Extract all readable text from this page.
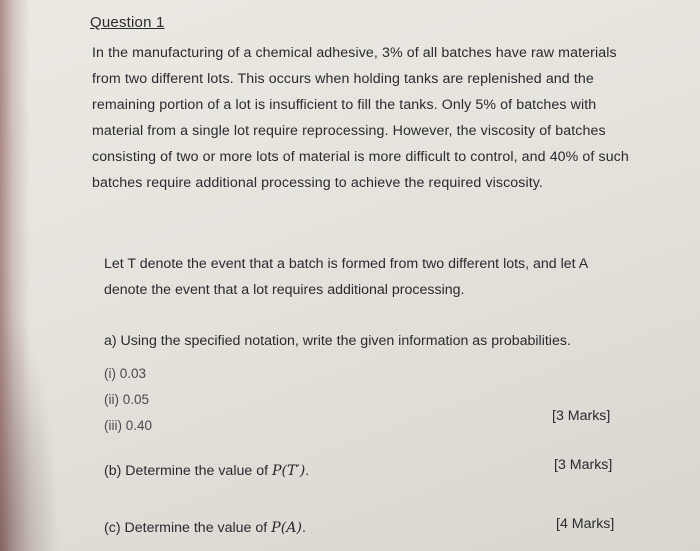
Question 1
In the manufacturing of a chemical adhesive, 3% of all batches have raw materials from two different lots. This occurs when holding tanks are replenished and the remaining portion of a lot is insufficient to fill the tanks. Only 5% of batches with material from a single lot require reprocessing. However, the viscosity of batches consisting of two or more lots of material is more difficult to control, and 40% of such batches require additional processing to achieve the required viscosity.
Let T denote the event that a batch is formed from two different lots, and let A denote the event that a lot requires additional processing.
a) Using the specified notation, write the given information as probabilities.
(i) 0.03
(ii) 0.05
(iii) 0.40
[3 Marks]
(b) Determine the value of P(T′).	[3 Marks]
(c) Determine the value of P(A).	[4 Marks]
